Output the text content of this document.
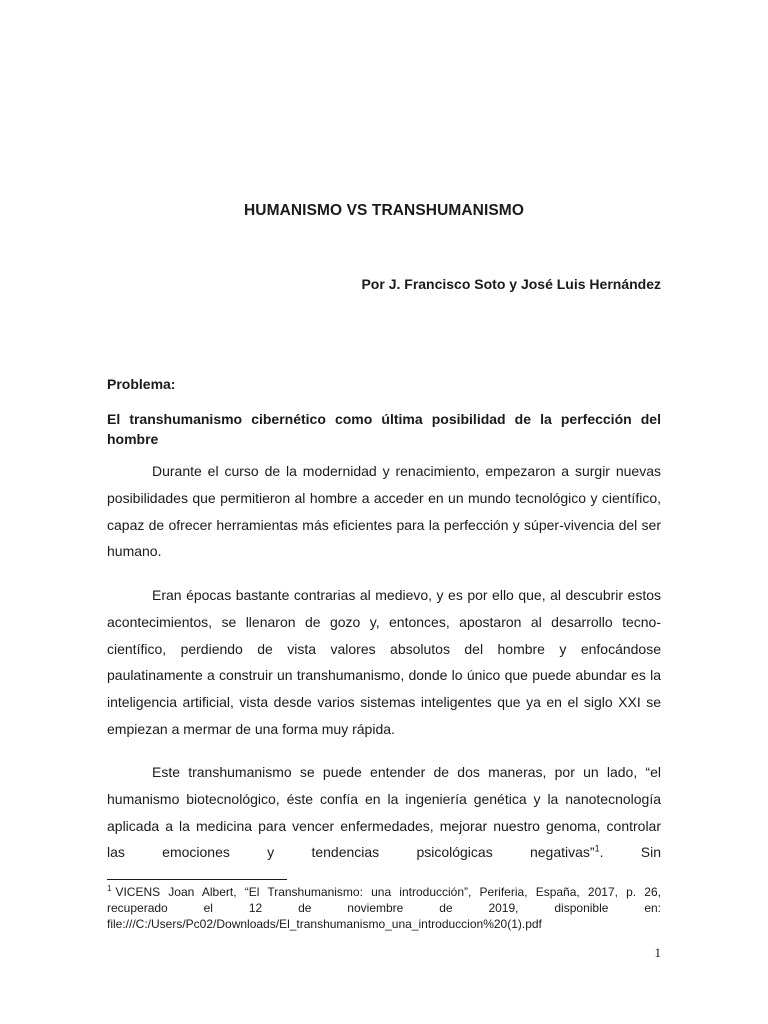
HUMANISMO VS TRANSHUMANISMO
Por J. Francisco Soto y José Luis Hernández
Problema:
El transhumanismo cibernético como última posibilidad de la perfección del hombre

Durante el curso de la modernidad y renacimiento, empezaron a surgir nuevas posibilidades que permitieron al hombre a acceder en un mundo tecnológico y científico, capaz de ofrecer herramientas más eficientes para la perfección y súper-vivencia del ser humano.

Eran épocas bastante contrarias al medievo, y es por ello que, al descubrir estos acontecimientos, se llenaron de gozo y, entonces, apostaron al desarrollo tecno-científico, perdiendo de vista valores absolutos del hombre y enfocándose paulatinamente a construir un transhumanismo, donde lo único que puede abundar es la inteligencia artificial, vista desde varios sistemas inteligentes que ya en el siglo XXI se empiezan a mermar de una forma muy rápida.

Este transhumanismo se puede entender de dos maneras, por un lado, “el humanismo biotecnológico, éste confía en la ingeniería genética y la nanotecnología aplicada a la medicina para vencer enfermedades, mejorar nuestro genoma, controlar las emociones y tendencias psicológicas negativas”$^1$. Sin

$^1$ VICENS Joan Albert, “El Transhumanismo: una introducción”, Periferia, España, 2017, p. 26, recuperado el 12 de noviembre de 2019, disponible en: file:///C:/Users/Pc02/Downloads/El_transhumanismo_una_introduccion%20(1).pdf
1
